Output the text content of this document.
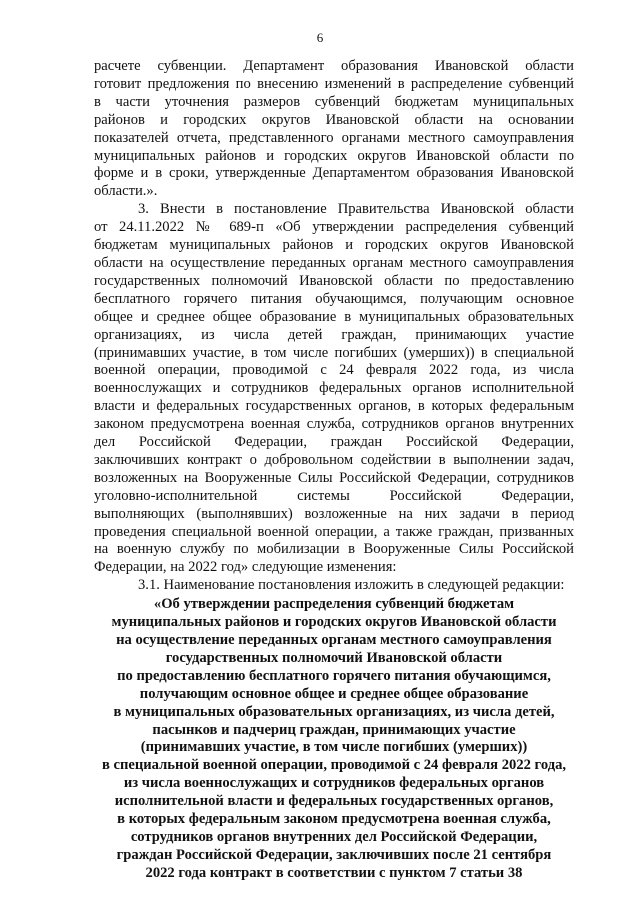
6
расчете субвенции. Департамент образования Ивановской области
готовит предложения по внесению изменений в распределение субвенций
в части уточнения размеров субвенций бюджетам муниципальных
районов и городских округов Ивановской области на основании
показателей отчета, представленного органами местного самоуправления
муниципальных районов и городских округов Ивановской области по
форме и в сроки, утвержденные Департаментом образования Ивановской
области.».
3. Внести в постановление Правительства Ивановской области
от 24.11.2022 № 689-п «Об утверждении распределения субвенций
бюджетам муниципальных районов и городских округов Ивановской
области на осуществление переданных органам местного самоуправления
государственных полномочий Ивановской области по предоставлению
бесплатного горячего питания обучающимся, получающим основное
общее и среднее общее образование в муниципальных образовательных
организациях, из числа детей граждан, принимающих участие
(принимавших участие, в том числе погибших (умерших)) в специальной
военной операции, проводимой с 24 февраля 2022 года, из числа
военнослужащих и сотрудников федеральных органов исполнительной
власти и федеральных государственных органов, в которых федеральным
законом предусмотрена военная служба, сотрудников органов внутренних
дел Российской Федерации, граждан Российской Федерации,
заключивших контракт о добровольном содействии в выполнении задач,
возложенных на Вооруженные Силы Российской Федерации, сотрудников
уголовно-исполнительной системы Российской Федерации,
выполняющих (выполнявших) возложенные на них задачи в период
проведения специальной военной операции, а также граждан, призванных
на военную службу по мобилизации в Вооруженные Силы Российской
Федерации, на 2022 год» следующие изменения:
3.1. Наименование постановления изложить в следующей редакции:
«Об утверждении распределения субвенций бюджетам
муниципальных районов и городских округов Ивановской области
на осуществление переданных органам местного самоуправления
государственных полномочий Ивановской области
по предоставлению бесплатного горячего питания обучающимся,
получающим основное общее и среднее общее образование
в муниципальных образовательных организациях, из числа детей,
пасынков и падчериц граждан, принимающих участие
(принимавших участие, в том числе погибших (умерших))
в специальной военной операции, проводимой с 24 февраля 2022 года,
из числа военнослужащих и сотрудников федеральных органов
исполнительной власти и федеральных государственных органов,
в которых федеральным законом предусмотрена военная служба,
сотрудников органов внутренних дел Российской Федерации,
граждан Российской Федерации, заключивших после 21 сентября
2022 года контракт в соответствии с пунктом 7 статьи 38
